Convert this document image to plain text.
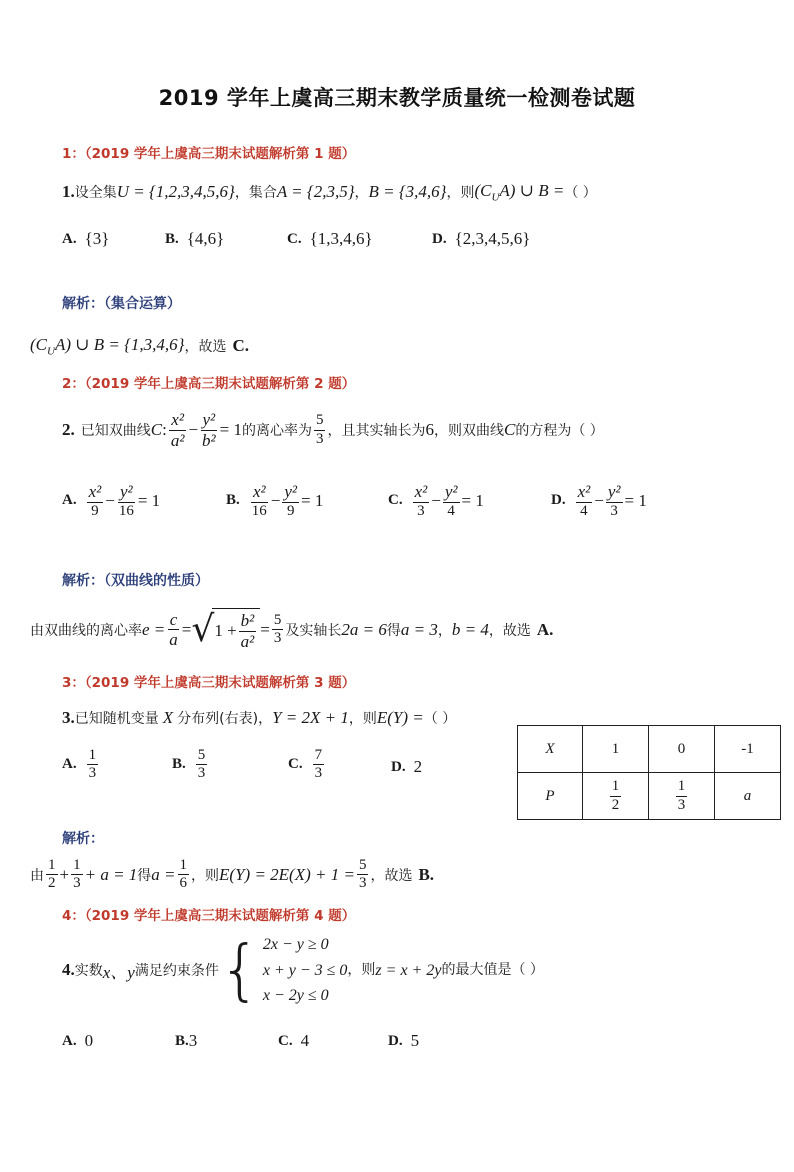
2019 学年上虞高三期末教学质量统一检测卷试题
1：（2019 学年上虞高三期末试题解析第 1 题）
1. 设全集 U = {1,2,3,4,5,6} ，集合 A = {2,3,5} ， B = {3,4,6} ，则 $(C_UA)$ ∪ B = （ ）
A. {3}	B. {4,6}	C. {1,3,4,6}	D. {2,3,4,5,6}
解析：（集合运算）
$(C_UA)$ ∪ B = {1,3,4,6} ，故选 C.
2：（2019 学年上虞高三期末试题解析第 2 题）
2. 已知双曲线 C : $\frac{\text{x²}}{\text{a²}} - \frac{\text{y²}}{\text{b²}} = 1$ 的离心率为 $\frac{5}{3}$ ，且其实轴长为 6 ，则双曲线 C 的方程为 （ ）
A. $\frac{\text{x²}}{9} - \frac{\text{y²}}{16} = 1$	B. $\frac{\text{x²}}{16} - \frac{\text{y²}}{9} = 1$	C. $\frac{\text{x²}}{3} - \frac{\text{y²}}{4} = 1$	D. $\frac{\text{x²}}{4} - \frac{\text{y²}}{3} = 1$
解析：（双曲线的性质）
由双曲线的离心率 $e = \frac{c}{a}$ = √ $1 + \frac{\text{b²}}{\text{a²}} = \frac{5}{3}$ 及实轴长 2a = 6 得 a = 3 ， b = 4 ，故选 A.
3：（2019 学年上虞高三期末试题解析第 3 题）
3. 已知随机变量 X 分布列(右表)， Y = 2X + 1 ，则 E(Y) = （ ）
A. $\frac{1}{3}$	B. $\frac{5}{3}$	C. $\frac{7}{3}$	D. 2
X	1	0	-1
P	$\frac{1}{2}$	$\frac{1}{3}$	a
解析：
由 $\frac{1}{2} + \frac{1}{3} + a = 1$ 得 $a = \frac{1}{6}$ ，则 $E(Y) = 2E(X) + 1 = \frac{5}{3}$ ，故选 B.
4：（2019 学年上虞高三期末试题解析第 4 题）
4. 实数 x、y 满足约束条件 { 2x − y ≥ 0
x + y − 3 ≤ 0 ，则 z = x + 2y 的最大值是 （ ）
x − 2y ≤ 0
A. 0	B. 3	C. 4	D. 5
